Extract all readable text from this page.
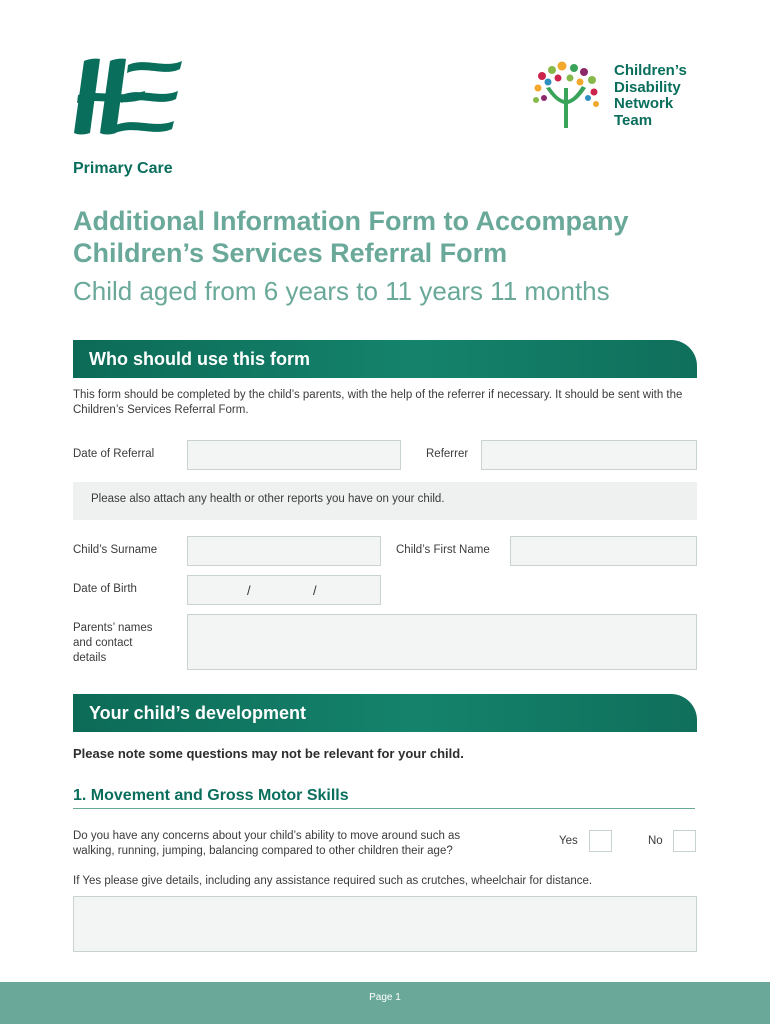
Children’s
Disability
Network
Team
Primary Care
Additional Information Form to Accompany
Children’s Services Referral Form
Child aged from 6 years to 11 years 11 months
Who should use this form
This form should be completed by the child’s parents, with the help of the referrer if necessary. It should be sent with the Children’s Services Referral Form.
Date of Referral	Referrer
Please also attach any health or other reports you have on your child.
Child’s Surname	Child’s First Name
Date of Birth	/	/
Parents’ names
and contact
details
Your child’s development
Please note some questions may not be relevant for your child.
1. Movement and Gross Motor Skills
Do you have any concerns about your child’s ability to move around such as
walking, running, jumping, balancing compared to other children their age?
Yes	No
If Yes please give details, including any assistance required such as crutches, wheelchair for distance.
Page 1
